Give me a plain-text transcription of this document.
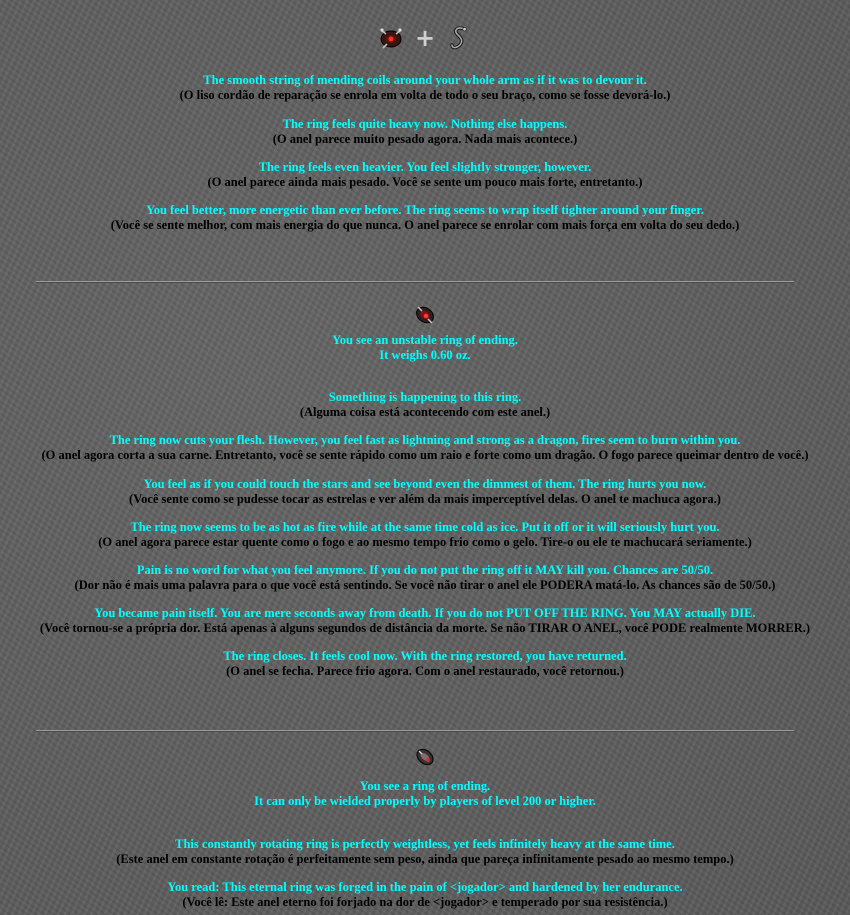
+
The smooth string of mending coils around your whole arm as if it was to devour it.
(O liso cordão de reparação se enrola em volta de todo o seu braço, como se fosse devorá-lo.)
The ring feels quite heavy now. Nothing else happens.
(O anel parece muito pesado agora. Nada mais acontece.)
The ring feels even heavier. You feel slightly stronger, however.
(O anel parece ainda mais pesado. Você se sente um pouco mais forte, entretanto.)
You feel better, more energetic than ever before. The ring seems to wrap itself tighter around your finger.
(Você se sente melhor, com mais energia do que nunca. O anel parece se enrolar com mais força em volta do seu dedo.)
You see an unstable ring of ending.
It weighs 0.60 oz.
Something is happening to this ring.
(Alguma coisa está acontecendo com este anel.)
The ring now cuts your flesh. However, you feel fast as lightning and strong as a dragon, fires seem to burn within you.
(O anel agora corta a sua carne. Entretanto, você se sente rápido como um raio e forte como um dragão. O fogo parece queimar dentro de você.)
You feel as if you could touch the stars and see beyond even the dimmest of them. The ring hurts you now.
(Você sente como se pudesse tocar as estrelas e ver além da mais imperceptível delas. O anel te machuca agora.)
The ring now seems to be as hot as fire while at the same time cold as ice. Put it off or it will seriously hurt you.
(O anel agora parece estar quente como o fogo e ao mesmo tempo frio como o gelo. Tire-o ou ele te machucará seriamente.)
Pain is no word for what you feel anymore. If you do not put the ring off it MAY kill you. Chances are 50/50.
(Dor não é mais uma palavra para o que você está sentindo. Se você não tirar o anel ele PODERA matá-lo. As chances são de 50/50.)
You became pain itself. You are mere seconds away from death. If you do not PUT OFF THE RING. You MAY actually DIE.
(Você tornou-se a própria dor. Está apenas à alguns segundos de distância da morte. Se não TIRAR O ANEL, você PODE realmente MORRER.)
The ring closes. It feels cool now. With the ring restored, you have returned.
(O anel se fecha. Parece frio agora. Com o anel restaurado, você retornou.)
You see a ring of ending.
It can only be wielded properly by players of level 200 or higher.
This constantly rotating ring is perfectly weightless, yet feels infinitely heavy at the same time.
(Este anel em constante rotação é perfeitamente sem peso, ainda que pareça infinitamente pesado ao mesmo tempo.)
You read: This eternal ring was forged in the pain of <jogador> and hardened by her endurance.
(Você lê: Este anel eterno foi forjado na dor de <jogador> e temperado por sua resistência.)
